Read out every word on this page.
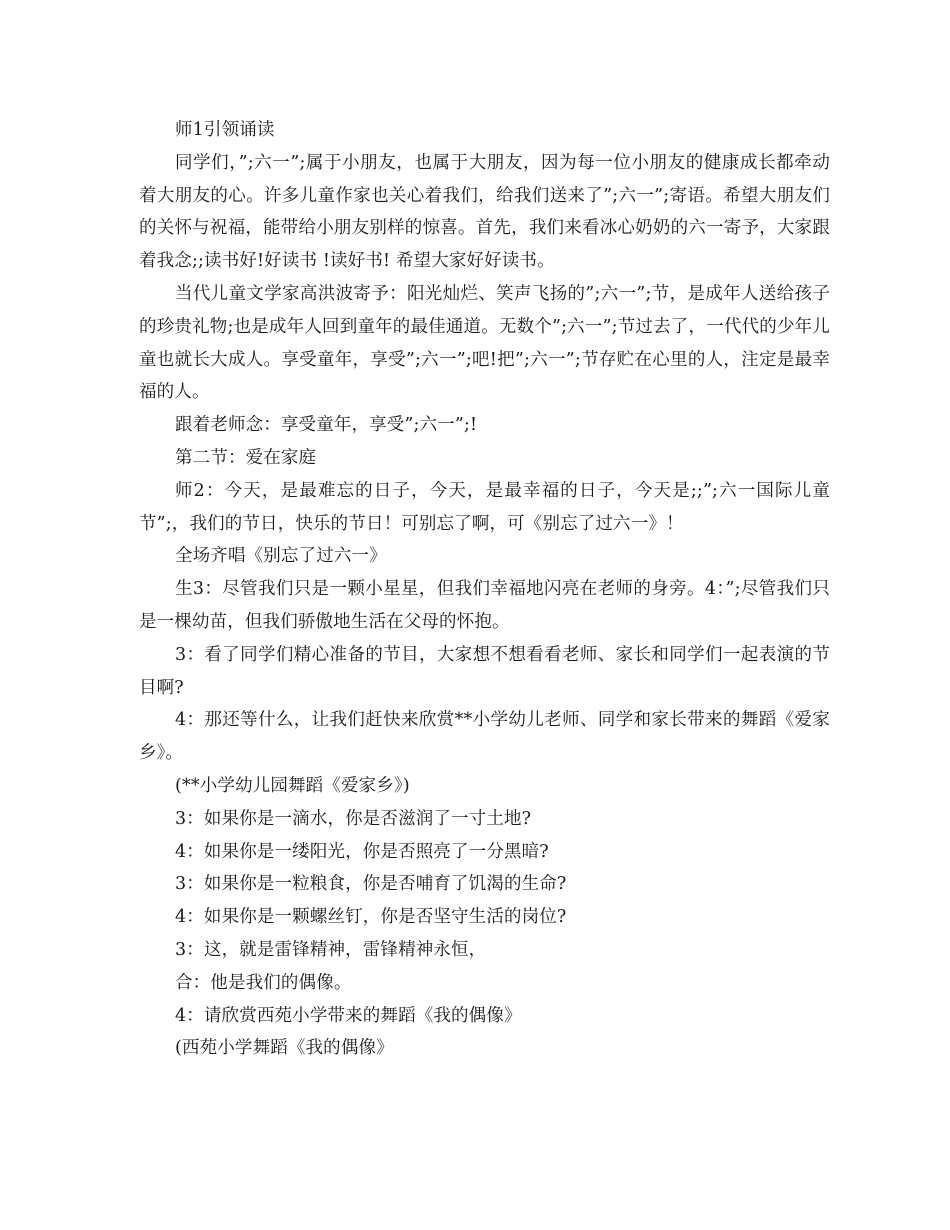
师1引领诵读

同学们，”;六一”;属于小朋友，也属于大朋友，因为每一位小朋友的健康成长都牵动着大朋友的心。许多儿童作家也关心着我们，给我们送来了”;六一”;寄语。希望大朋友们的关怀与祝福，能带给小朋友别样的惊喜。首先，我们来看冰心奶奶的六一寄予，大家跟着我念;;读书好!好读书 !读好书! 希望大家好好读书。

当代儿童文学家高洪波寄予：阳光灿烂、笑声飞扬的”;六一”;节，是成年人送给孩子的珍贵礼物;也是成年人回到童年的最佳通道。无数个”;六一”;节过去了，一代代的少年儿童也就长大成人。享受童年，享受”;六一”;吧!把”;六一”;节存贮在心里的人，注定是最幸福的人。

跟着老师念：享受童年，享受”;六一”;!

第二节：爱在家庭

师2：今天，是最难忘的日子，今天，是最幸福的日子，今天是;;”;六一国际儿童节”;，我们的节日，快乐的节日！可别忘了啊，可《别忘了过六一》！

全场齐唱《别忘了过六一》

生3：尽管我们只是一颗小星星，但我们幸福地闪亮在老师的身旁。4：”;尽管我们只是一棵幼苗，但我们骄傲地生活在父母的怀抱。

3：看了同学们精心准备的节目，大家想不想看看老师、家长和同学们一起表演的节目啊?

4：那还等什么，让我们赶快来欣赏**小学幼儿老师、同学和家长带来的舞蹈《爱家乡》。

(**小学幼儿园舞蹈《爱家乡》)

3：如果你是一滴水，你是否滋润了一寸土地?

4：如果你是一缕阳光，你是否照亮了一分黑暗?

3：如果你是一粒粮食，你是否哺育了饥渴的生命?

4：如果你是一颗螺丝钉，你是否坚守生活的岗位?

3：这，就是雷锋精神，雷锋精神永恒，

合：他是我们的偶像。

4：请欣赏西苑小学带来的舞蹈《我的偶像》

(西苑小学舞蹈《我的偶像》
